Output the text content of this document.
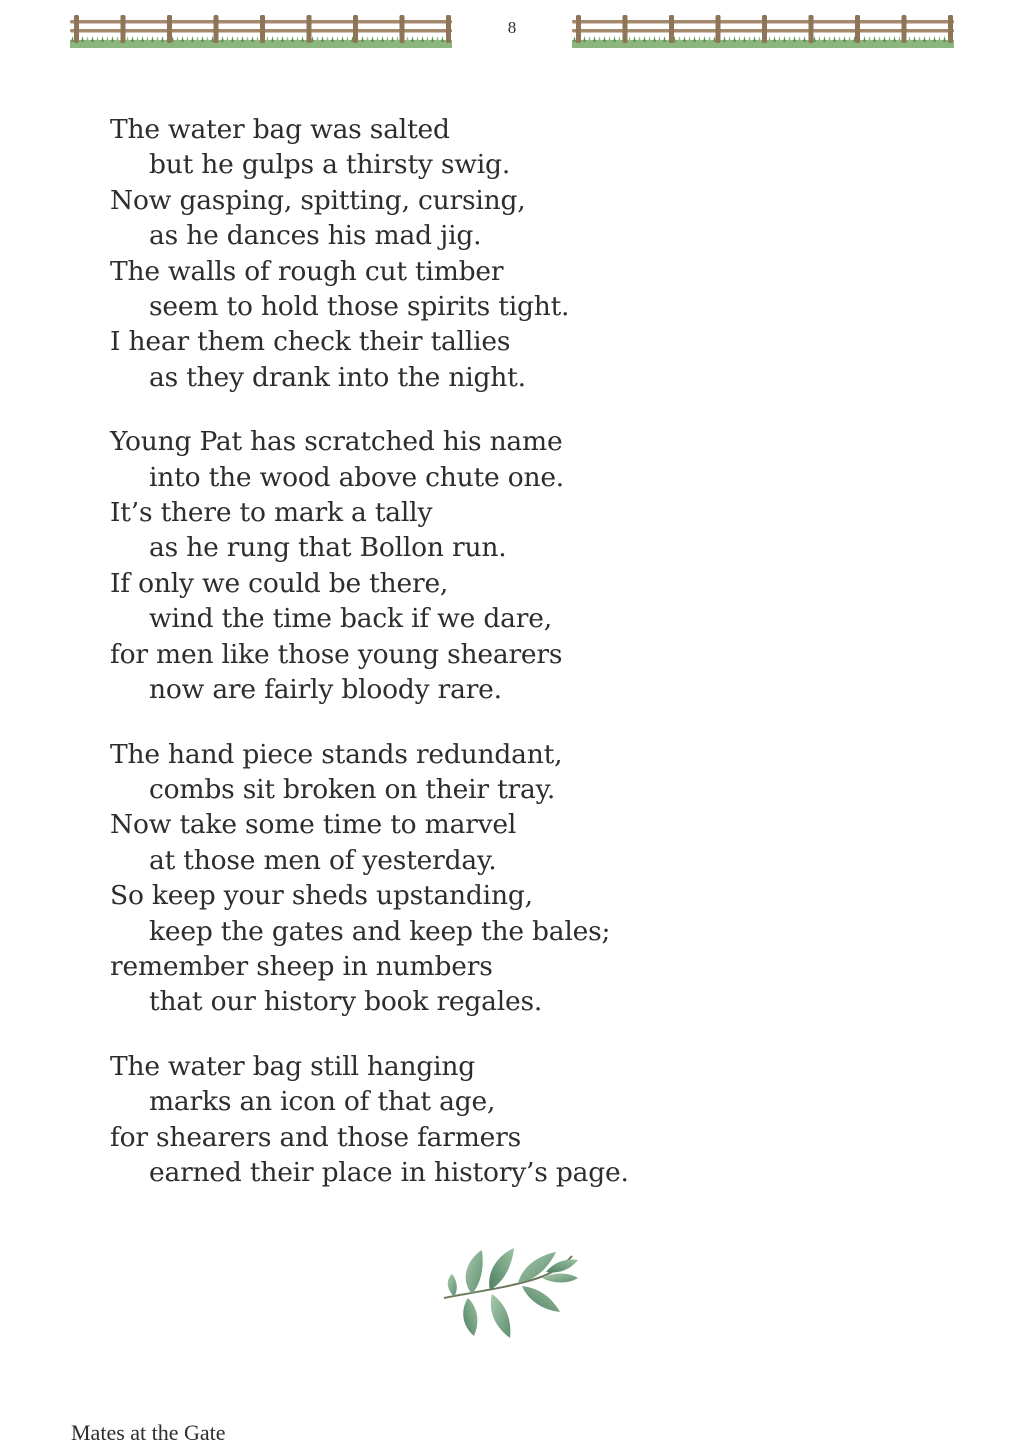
8
The water bag was salted
but he gulps a thirsty swig.
Now gasping, spitting, cursing,
as he dances his mad jig.
The walls of rough cut timber
seem to hold those spirits tight.
I hear them check their tallies
as they drank into the night.
Young Pat has scratched his name
into the wood above chute one.
It’s there to mark a tally
as he rung that Bollon run.
If only we could be there,
wind the time back if we dare,
for men like those young shearers
now are fairly bloody rare.
The hand piece stands redundant,
combs sit broken on their tray.
Now take some time to marvel
at those men of yesterday.
So keep your sheds upstanding,
keep the gates and keep the bales;
remember sheep in numbers
that our history book regales.
The water bag still hanging
marks an icon of that age,
for shearers and those farmers
earned their place in history’s page.
Mates at the Gate
